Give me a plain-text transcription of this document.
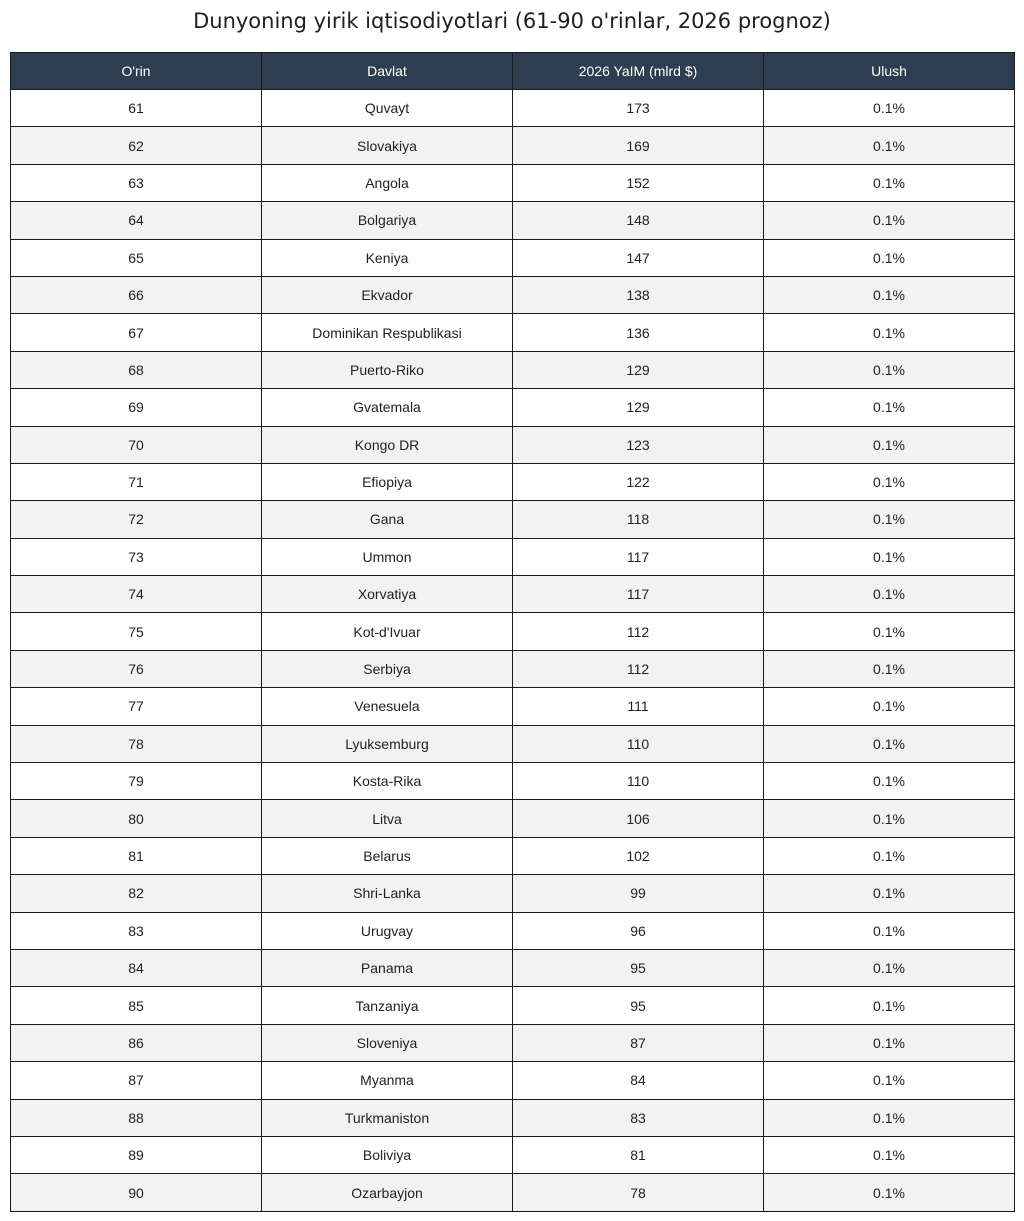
Dunyoning yirik iqtisodiyotlari (61-90 o'rinlar, 2026 prognoz)
O'rin	Davlat	2026 YaIM (mlrd $)	Ulush
61	Quvayt	173	0.1%
62	Slovakiya	169	0.1%
63	Angola	152	0.1%
64	Bolgariya	148	0.1%
65	Keniya	147	0.1%
66	Ekvador	138	0.1%
67	Dominikan Respublikasi	136	0.1%
68	Puerto-Riko	129	0.1%
69	Gvatemala	129	0.1%
70	Kongo DR	123	0.1%
71	Efiopiya	122	0.1%
72	Gana	118	0.1%
73	Ummon	117	0.1%
74	Xorvatiya	117	0.1%
75	Kot-d'Ivuar	112	0.1%
76	Serbiya	112	0.1%
77	Venesuela	111	0.1%
78	Lyuksemburg	110	0.1%
79	Kosta-Rika	110	0.1%
80	Litva	106	0.1%
81	Belarus	102	0.1%
82	Shri-Lanka	99	0.1%
83	Urugvay	96	0.1%
84	Panama	95	0.1%
85	Tanzaniya	95	0.1%
86	Sloveniya	87	0.1%
87	Myanma	84	0.1%
88	Turkmaniston	83	0.1%
89	Boliviya	81	0.1%
90	Ozarbayjon	78	0.1%
